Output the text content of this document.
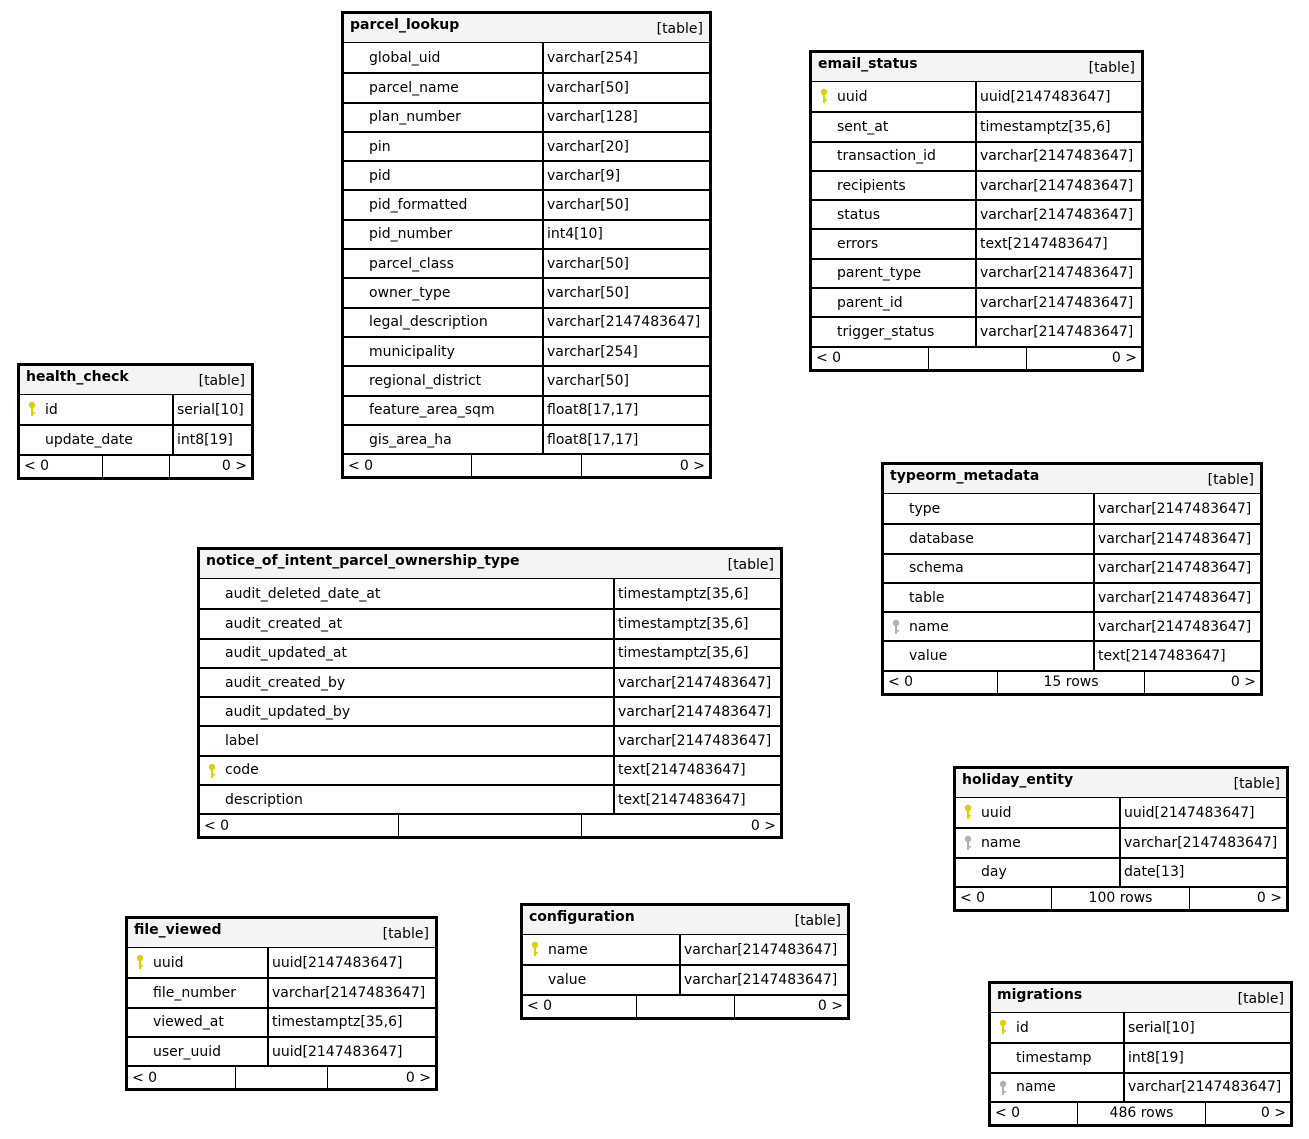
parcel_lookup	[table]
global_uid	varchar[254]
parcel_name	varchar[50]
plan_number	varchar[128]
pin	varchar[20]
pid	varchar[9]
pid_formatted	varchar[50]
pid_number	int4[10]
parcel_class	varchar[50]
owner_type	varchar[50]
legal_description	varchar[2147483647]
municipality	varchar[254]
regional_district	varchar[50]
feature_area_sqm	float8[17,17]
gis_area_ha	float8[17,17]
< 0	0 >
email_status	[table]
uuid	uuid[2147483647]
sent_at	timestamptz[35,6]
transaction_id	varchar[2147483647]
recipients	varchar[2147483647]
status	varchar[2147483647]
errors	text[2147483647]
parent_type	varchar[2147483647]
parent_id	varchar[2147483647]
trigger_status	varchar[2147483647]
< 0	0 >
health_check	[table]
id	serial[10]
update_date	int8[19]
< 0	0 >
typeorm_metadata	[table]
type	varchar[2147483647]
database	varchar[2147483647]
schema	varchar[2147483647]
table	varchar[2147483647]
name	varchar[2147483647]
value	text[2147483647]
< 0	15 rows	0 >
notice_of_intent_parcel_ownership_type	[table]
audit_deleted_date_at	timestamptz[35,6]
audit_created_at	timestamptz[35,6]
audit_updated_at	timestamptz[35,6]
audit_created_by	varchar[2147483647]
audit_updated_by	varchar[2147483647]
label	varchar[2147483647]
code	text[2147483647]
description	text[2147483647]
< 0	0 >
holiday_entity	[table]
uuid	uuid[2147483647]
name	varchar[2147483647]
day	date[13]
< 0	100 rows	0 >
file_viewed	[table]
uuid	uuid[2147483647]
file_number	varchar[2147483647]
viewed_at	timestamptz[35,6]
user_uuid	uuid[2147483647]
< 0	0 >
configuration	[table]
name	varchar[2147483647]
value	varchar[2147483647]
< 0	0 >
migrations	[table]
id	serial[10]
timestamp	int8[19]
name	varchar[2147483647]
< 0	486 rows	0 >
